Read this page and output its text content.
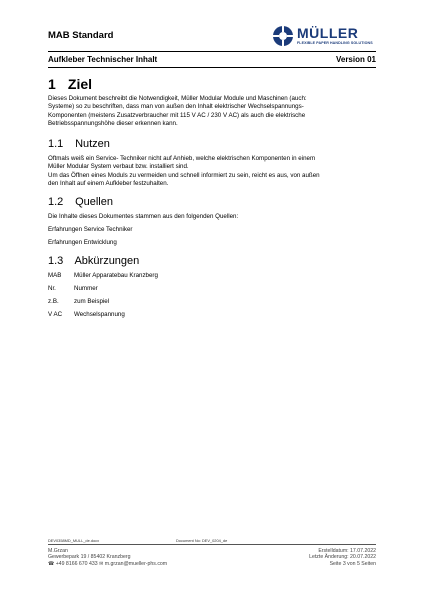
MAB Standard	MÜLLER
FLEXIBLE PAPER HANDLING SOLUTIONS
Aufkleber Technischer Inhalt	Version 01
1 Ziel
Dieses Dokument beschreibt die Notwendigkeit, Müller Modular Module und Maschinen (auch:
Systeme) so zu beschriften, dass man von außen den Inhalt elektrischer Wechselspannungs-
Komponenten (meistens Zusatzverbraucher mit 115 V AC / 230 V AC) als auch die elektrische
Betriebsspannungshöhe dieser erkennen kann.
1.1 Nutzen
Oftmals weiß ein Service- Techniker nicht auf Anhieb, welche elektrischen Komponenten in einem
Müller Modular System verbaut bzw. installiert sind.
Um das Öffnen eines Moduls zu vermeiden und schnell informiert zu sein, reicht es aus, von außen
den Inhalt auf einem Aufkleber festzuhalten.
1.2 Quellen
Die Inhalte dieses Dokumentes stammen aus den folgenden Quellen:
Erfahrungen Service Techniker
Erfahrungen Entwicklung
1.3 Abkürzungen
MAB Müller Apparatebau Kranzberg
Nr.	Nummer
z.B. zum Beispiel
V AC Wechselspannung
DEV0358MD_MULL_de.docx	Document No: DEV_0204_de
M.Grzan
Gewerbepark 19 / 85402 Kranzberg
☎ +49 8166 670 433 ✉ m.grzan@mueller-phs.com
Erstelldatum: 17.07.2022
Letzte Änderung: 20.07.2022
Seite 3 von 5 Seiten
